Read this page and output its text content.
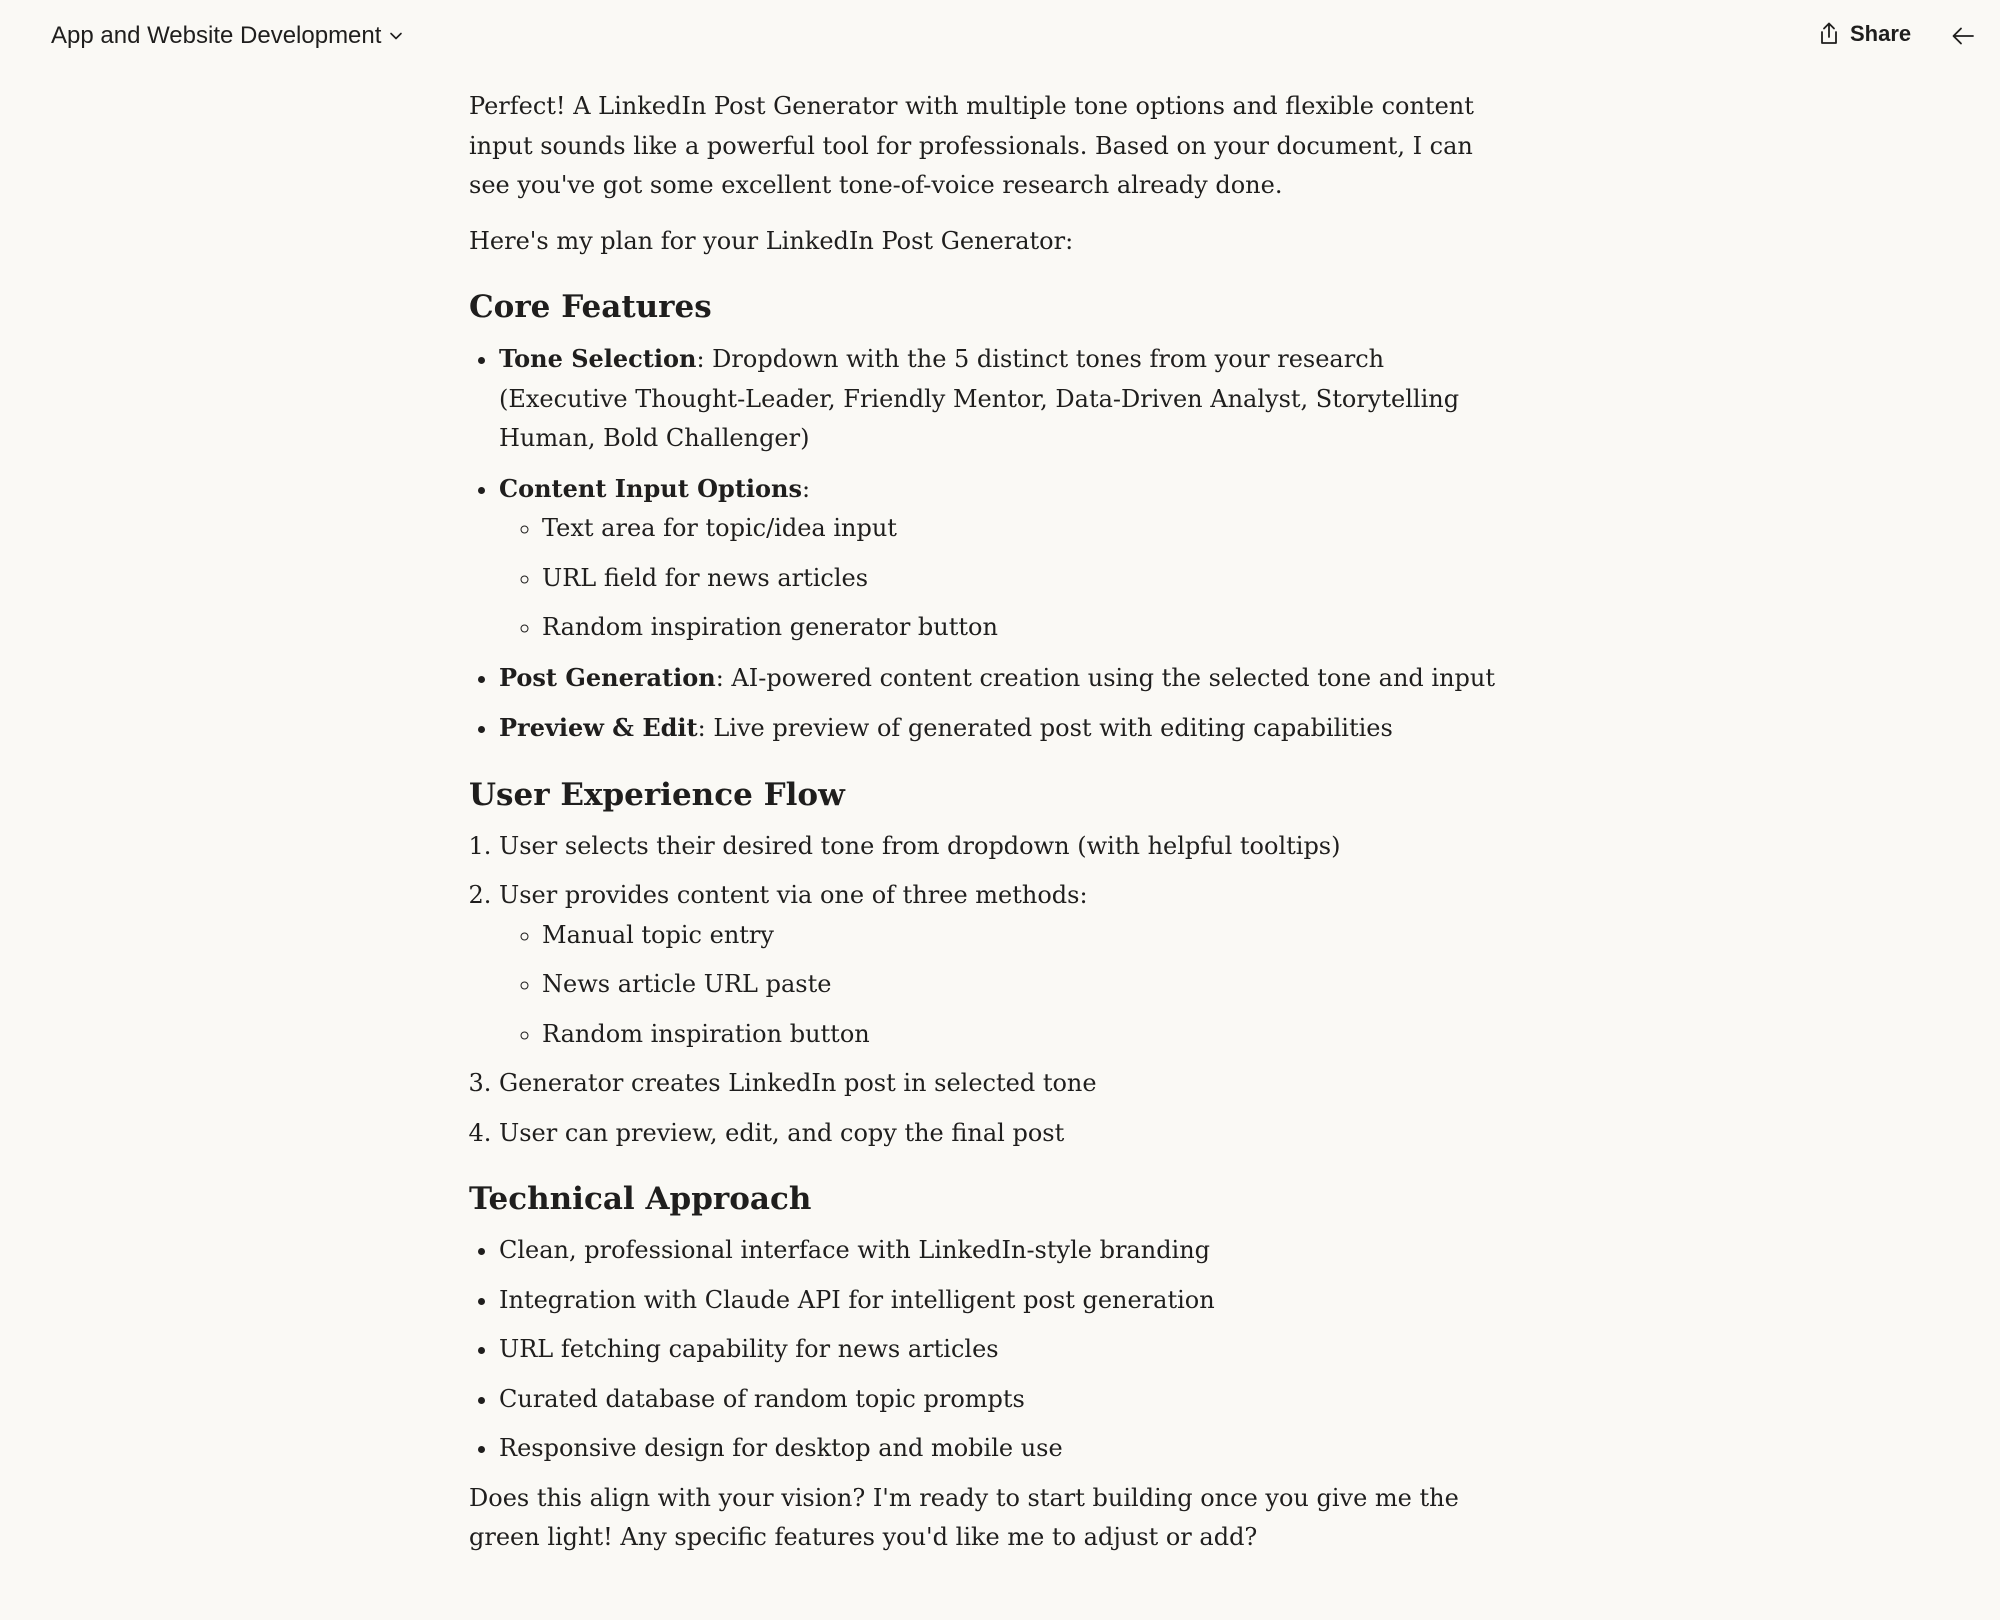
App and Website Development	Share

Perfect! A LinkedIn Post Generator with multiple tone options and flexible content input sounds like a powerful tool for professionals. Based on your document, I can see you've got some excellent tone-of-voice research already done.

Here's my plan for your LinkedIn Post Generator:

Core Features
• Tone Selection: Dropdown with the 5 distinct tones from your research (Executive Thought-Leader, Friendly Mentor, Data-Driven Analyst, Storytelling Human, Bold Challenger)
• Content Input Options:
◦ Text area for topic/idea input
◦ URL field for news articles
◦ Random inspiration generator button
• Post Generation: AI-powered content creation using the selected tone and input
• Preview & Edit: Live preview of generated post with editing capabilities
User Experience Flow
1. User selects their desired tone from dropdown (with helpful tooltips)
2. User provides content via one of three methods:
◦ Manual topic entry
◦ News article URL paste
◦ Random inspiration button
3. Generator creates LinkedIn post in selected tone
4. User can preview, edit, and copy the final post
Technical Approach
• Clean, professional interface with LinkedIn-style branding
• Integration with Claude API for intelligent post generation
• URL fetching capability for news articles
• Curated database of random topic prompts
• Responsive design for desktop and mobile use

Does this align with your vision? I'm ready to start building once you give me the green light! Any specific features you'd like me to adjust or add?
